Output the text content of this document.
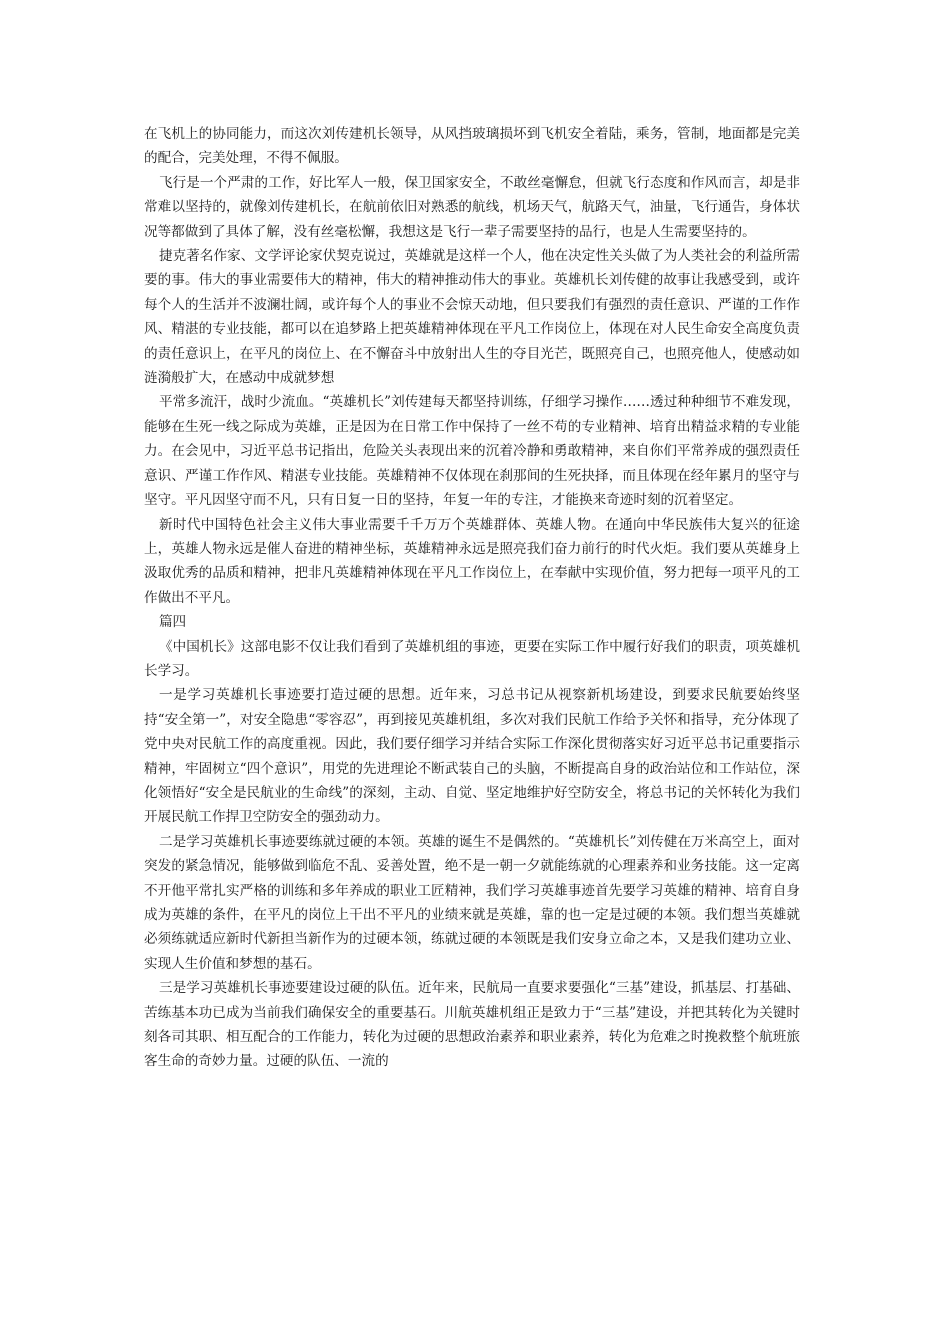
在飞机上的协同能力，而这次刘传建机长领导，从风挡玻璃损坏到飞机安全着陆，乘务，管制，地面都是完美的配合，完美处理，不得不佩服。

飞行是一个严肃的工作，好比军人一般，保卫国家安全，不敢丝毫懈怠，但就飞行态度和作风而言，却是非常难以坚持的，就像刘传建机长，在航前依旧对熟悉的航线，机场天气，航路天气，油量，飞行通告，身体状况等都做到了具体了解，没有丝毫松懈，我想这是飞行一辈子需要坚持的品行，也是人生需要坚持的。

捷克著名作家、文学评论家伏契克说过，英雄就是这样一个人，他在决定性关头做了为人类社会的利益所需要的事。伟大的事业需要伟大的精神，伟大的精神推动伟大的事业。英雄机长刘传健的故事让我感受到，或许每个人的生活并不波澜壮阔，或许每个人的事业不会惊天动地，但只要我们有强烈的责任意识、严谨的工作作风、精湛的专业技能，都可以在追梦路上把英雄精神体现在平凡工作岗位上，体现在对人民生命安全高度负责的责任意识上，在平凡的岗位上、在不懈奋斗中放射出人生的夺目光芒，既照亮自己，也照亮他人，使感动如涟漪般扩大，在感动中成就梦想

平常多流汗，战时少流血。“英雄机长”刘传建每天都坚持训练，仔细学习操作……透过种种细节不难发现，能够在生死一线之际成为英雄，正是因为在日常工作中保持了一丝不苟的专业精神、培育出精益求精的专业能力。在会见中，习近平总书记指出，危险关头表现出来的沉着冷静和勇敢精神，来自你们平常养成的强烈责任意识、严谨工作作风、精湛专业技能。英雄精神不仅体现在刹那间的生死抉择，而且体现在经年累月的坚守与坚守。平凡因坚守而不凡，只有日复一日的坚持，年复一年的专注，才能换来奇迹时刻的沉着坚定。

新时代中国特色社会主义伟大事业需要千千万万个英雄群体、英雄人物。在通向中华民族伟大复兴的征途上，英雄人物永远是催人奋进的精神坐标，英雄精神永远是照亮我们奋力前行的时代火炬。我们要从英雄身上汲取优秀的品质和精神，把非凡英雄精神体现在平凡工作岗位上，在奉献中实现价值，努力把每一项平凡的工作做出不平凡。

篇四

《中国机长》这部电影不仅让我们看到了英雄机组的事迹，更要在实际工作中履行好我们的职责，项英雄机长学习。

一是学习英雄机长事迹要打造过硬的思想。近年来，习总书记从视察新机场建设，到要求民航要始终坚持“安全第一”，对安全隐患“零容忍”，再到接见英雄机组，多次对我们民航工作给予关怀和指导，充分体现了党中央对民航工作的高度重视。因此，我们要仔细学习并结合实际工作深化贯彻落实好习近平总书记重要指示精神，牢固树立“四个意识”，用党的先进理论不断武装自己的头脑，不断提高自身的政治站位和工作站位，深化领悟好“安全是民航业的生命线”的深刻，主动、自觉、坚定地维护好空防安全，将总书记的关怀转化为我们开展民航工作捍卫空防安全的强劲动力。

二是学习英雄机长事迹要练就过硬的本领。英雄的诞生不是偶然的。“英雄机长”刘传健在万米高空上，面对突发的紧急情况，能够做到临危不乱、妥善处置，绝不是一朝一夕就能练就的心理素养和业务技能。这一定离不开他平常扎实严格的训练和多年养成的职业工匠精神，我们学习英雄事迹首先要学习英雄的精神、培育自身成为英雄的条件，在平凡的岗位上干出不平凡的业绩来就是英雄，靠的也一定是过硬的本领。我们想当英雄就必须练就适应新时代新担当新作为的过硬本领，练就过硬的本领既是我们安身立命之本，又是我们建功立业、实现人生价值和梦想的基石。

三是学习英雄机长事迹要建设过硬的队伍。近年来，民航局一直要求要强化“三基”建设，抓基层、打基础、苦练基本功已成为当前我们确保安全的重要基石。川航英雄机组正是致力于“三基”建设，并把其转化为关键时刻各司其职、相互配合的工作能力，转化为过硬的思想政治素养和职业素养，转化为危难之时挽救整个航班旅客生命的奇妙力量。过硬的队伍、一流的
